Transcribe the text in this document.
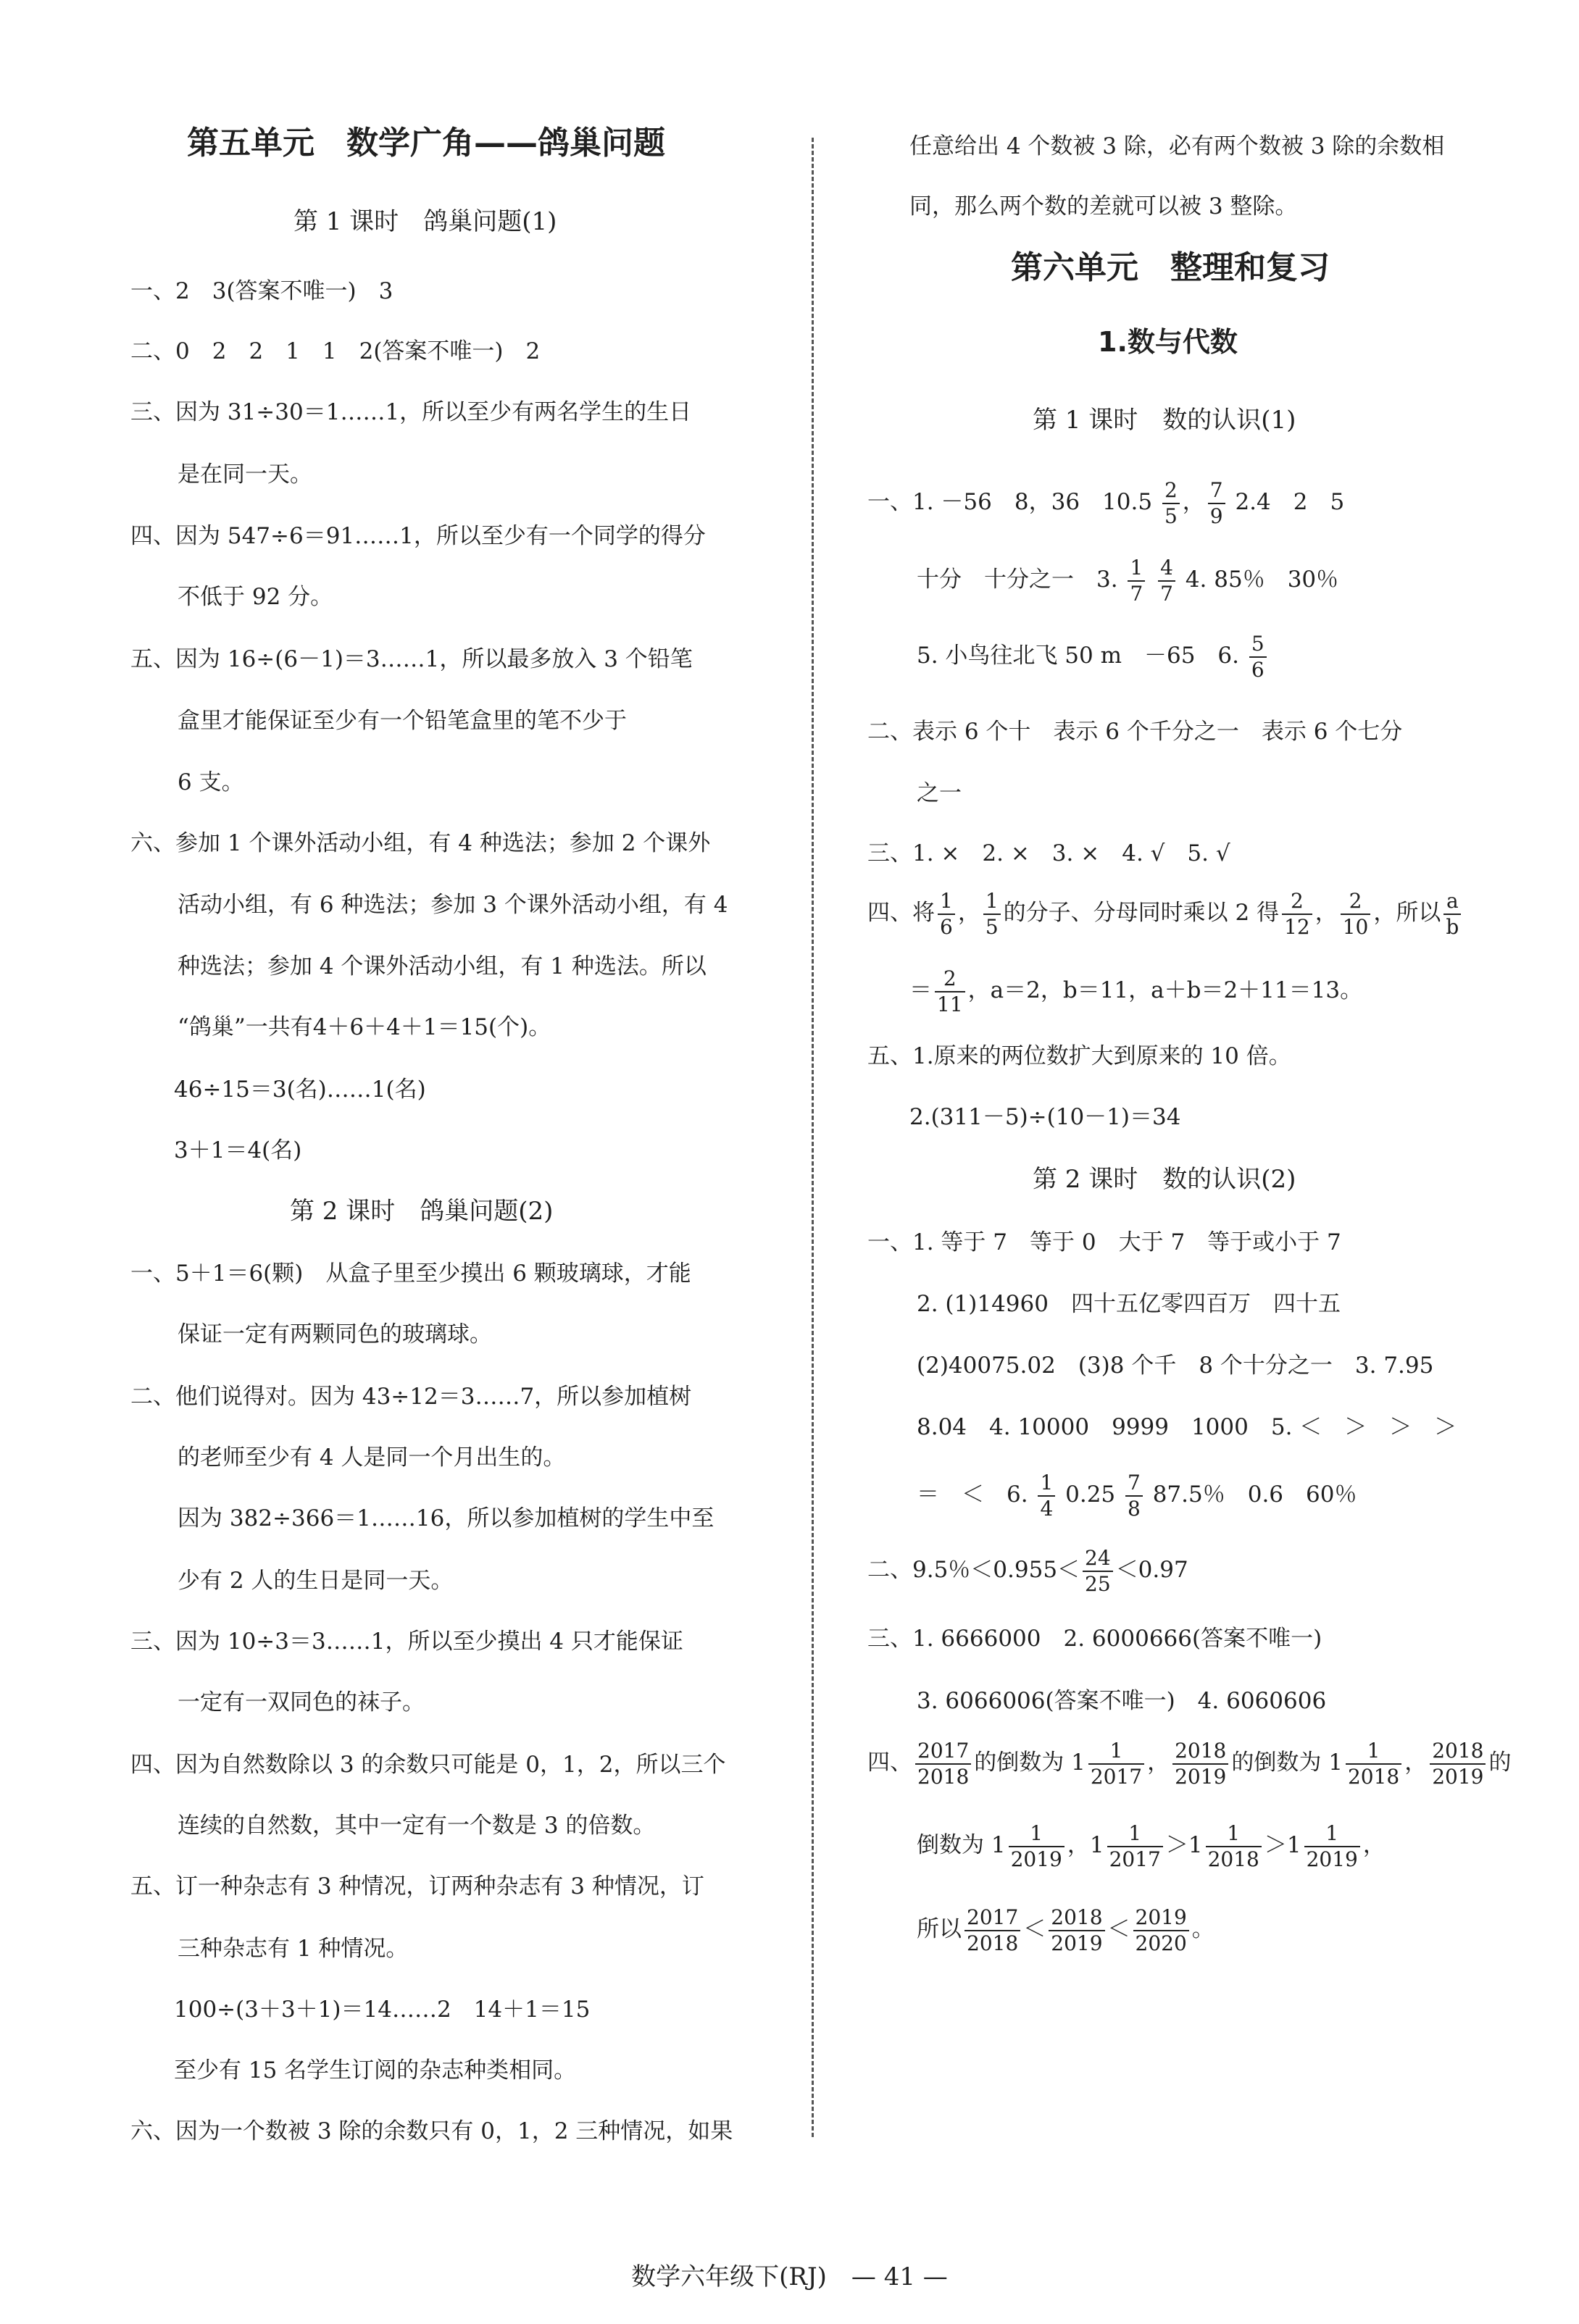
第五单元　数学广角——鸽巢问题
第 1 课时　鸽巢问题(1)
一、2　3(答案不唯一)　3
二、0　2　2　1　1　2(答案不唯一)　2
三、因为 31÷30＝1……1，所以至少有两名学生的生日
是在同一天。
四、因为 547÷6＝91……1，所以至少有一个同学的得分
不低于 92 分。
五、因为 16÷(6－1)＝3……1，所以最多放入 3 个铅笔
盒里才能保证至少有一个铅笔盒里的笔不少于
6 支。
六、参加 1 个课外活动小组，有 4 种选法；参加 2 个课外
活动小组，有 6 种选法；参加 3 个课外活动小组，有 4
种选法；参加 4 个课外活动小组，有 1 种选法。所以
“鸽巢”一共有4＋6＋4＋1＝15(个)。
46÷15＝3(名)……1(名)
3＋1＝4(名)
第 2 课时　鸽巢问题(2)
一、5＋1＝6(颗)　从盒子里至少摸出 6 颗玻璃球，才能
保证一定有两颗同色的玻璃球。
二、他们说得对。因为 43÷12＝3……7，所以参加植树
的老师至少有 4 人是同一个月出生的。
因为 382÷366＝1……16，所以参加植树的学生中至
少有 2 人的生日是同一天。
三、因为 10÷3＝3……1，所以至少摸出 4 只才能保证
一定有一双同色的袜子。
四、因为自然数除以 3 的余数只可能是 0，1，2，所以三个
连续的自然数，其中一定有一个数是 3 的倍数。
五、订一种杂志有 3 种情况，订两种杂志有 3 种情况，订
三种杂志有 1 种情况。
100÷(3＋3＋1)＝14……2　14＋1＝15
至少有 15 名学生订阅的杂志种类相同。
六、因为一个数被 3 除的余数只有 0，1，2 三种情况，如果
任意给出 4 个数被 3 除，必有两个数被 3 除的余数相
同，那么两个数的差就可以被 3 整除。
第六单元　整理和复习
1.数与代数
第 1 课时　数的认识(1)
一、1. －56　8，36　$10.5 \frac{2}{5}$ ， $\frac{7}{9} 2.4$　2　5
十分　十分之一　3. $\frac{1}{7}$
$\frac{4}{7} 4$. 85％　30％
5. 小鸟往北飞 50 m　－65　6. $\frac{5}{6}$
二、表示 6 个十　表示 6 个千分之一　表示 6 个七分
之一
三、1. ×　2. ×　3. ×　4. √　5. √
四、将 $\frac{1}{6}$ ， $\frac{1}{5}$ 的分子、分母同时乘以 2 得 $\frac{2}{12}$ ， $\frac{2}{10}$ ，所以 $\frac{a}{b}$
＝ $\frac{2}{11}$ ，a＝2，b＝11，a＋b＝2＋11＝13。
五、1.原来的两位数扩大到原来的 10 倍。
2.(311－5)÷(10－1)＝34
第 2 课时　数的认识(2)
一、1. 等于 7　等于 0　大于 7　等于或小于 7
2. (1)14960　四十五亿零四百万　四十五
(2)40075.02　(3)8 个千　8 个十分之一　3. 7.95
8.04　4. 10000　9999　1000　5. ＜　＞　＞　＞
＝　＜　6. $\frac{1}{4} 0.25 \frac{7}{8} 87.5$％　0.6　60％
二、9.5％$<0.955< \frac{24}{25} <0.97$
三、1. 6666000　2. 6000666(答案不唯一)
3. 6066006(答案不唯一)　4. 6060606
四、 $\frac{2017}{2018}$ 的倒数为 $1 \frac{1}{2017}$ ， $\frac{2018}{2019}$ 的倒数为 $1 \frac{1}{2018}$ ， $\frac{2018}{2019}$ 的
倒数为 $1 \frac{1}{2019}$ ，$1 \frac{1}{2017} >1 \frac{1}{2018} >1 \frac{1}{2019}$ ，
所以 $\frac{2017}{2018} < \frac{2018}{2019} < \frac{2019}{2020}$ 。
数学六年级下(RJ)　— 41 —
